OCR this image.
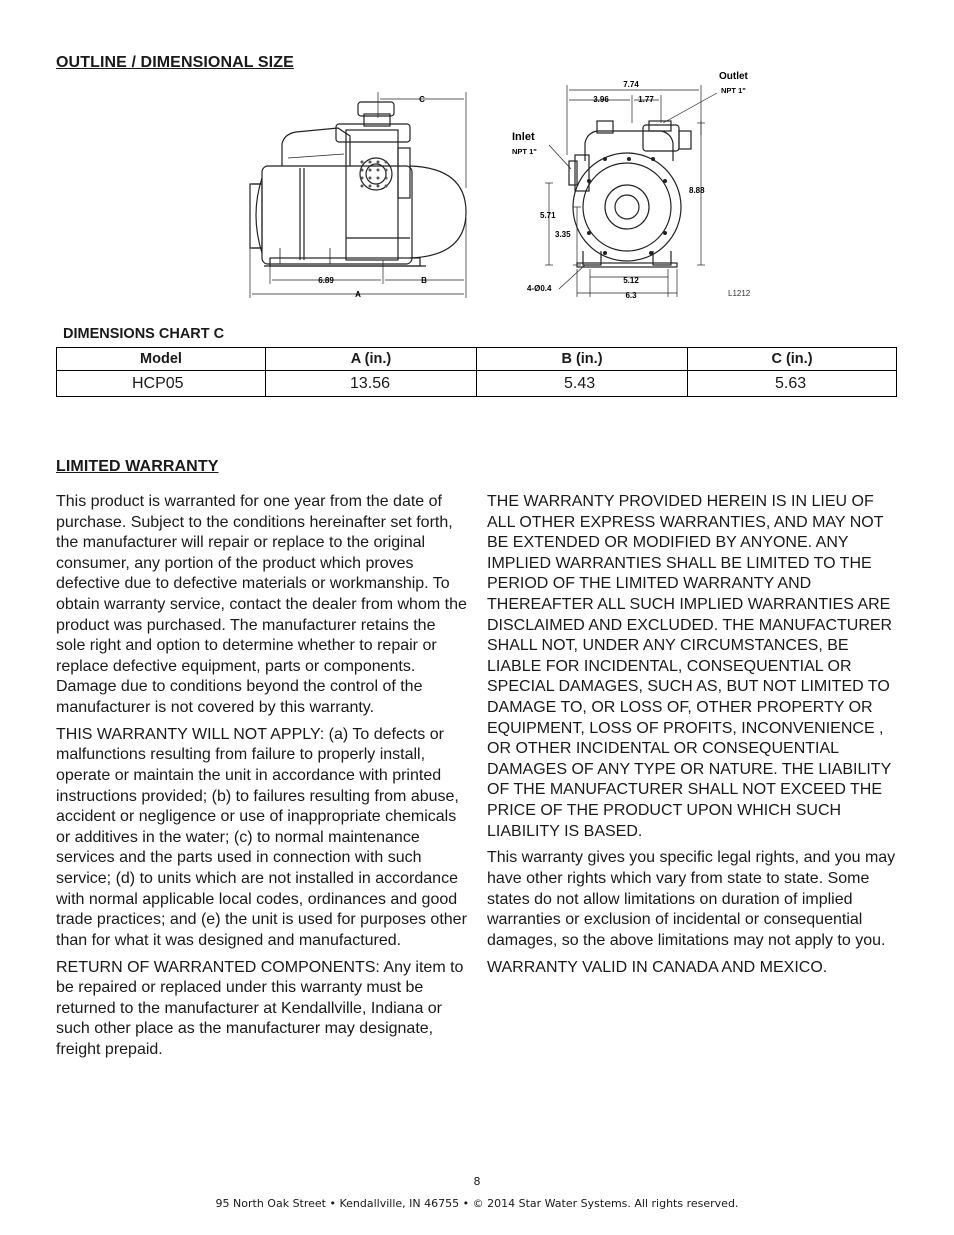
OUTLINE / DIMENSIONAL SIZE
C
6.89	B
A
7.74
3.96	1.77
Outlet
NPT 1"
Inlet
NPT 1"
8.88
5.71
3.35
4-Ø0.4
5.12
6.3	L1212
DIMENSIONS CHART C
Model	A (in.)	B (in.)	C (in.)
HCP05	13.56	5.43	5.63
LIMITED WARRANTY

This product is warranted for one year from the date of purchase. Subject to the conditions hereinafter set forth, the manufacturer will repair or replace to the original consumer, any portion of the product which proves defective due to defective materials or workmanship. To obtain warranty service, contact the dealer from whom the product was purchased. The manufacturer retains the sole right and option to determine whether to repair or replace defective equipment, parts or components. Damage due to conditions beyond the control of the manufacturer is not covered by this warranty.

THIS WARRANTY WILL NOT APPLY: (a) To defects or malfunctions resulting from failure to properly install, operate or maintain the unit in accordance with printed instructions provided; (b) to failures resulting from abuse, accident or negligence or use of inappropriate chemicals or additives in the water; (c) to normal maintenance services and the parts used in connection with such service; (d) to units which are not installed in accordance with normal applicable local codes, ordinances and good trade practices; and (e) the unit is used for purposes other than for what it was designed and manufactured.

RETURN OF WARRANTED COMPONENTS: Any item to be repaired or replaced under this warranty must be returned to the manufacturer at Kendallville, Indiana or such other place as the manufacturer may designate, freight prepaid.

THE WARRANTY PROVIDED HEREIN IS IN LIEU OF ALL OTHER EXPRESS WARRANTIES, AND MAY NOT BE EXTENDED OR MODIFIED BY ANYONE. ANY IMPLIED WARRANTIES SHALL BE LIMITED TO THE PERIOD OF THE LIMITED WARRANTY AND THEREAFTER ALL SUCH IMPLIED WARRANTIES ARE DISCLAIMED AND EXCLUDED. THE MANUFACTURER SHALL NOT, UNDER ANY CIRCUMSTANCES, BE LIABLE FOR INCIDENTAL, CONSEQUENTIAL OR SPECIAL DAMAGES, SUCH AS, BUT NOT LIMITED TO DAMAGE TO, OR LOSS OF, OTHER PROPERTY OR EQUIPMENT, LOSS OF PROFITS, INCONVENIENCE , OR OTHER INCIDENTAL OR CONSEQUENTIAL DAMAGES OF ANY TYPE OR NATURE. THE LIABILITY OF THE MANUFACTURER SHALL NOT EXCEED THE PRICE OF THE PRODUCT UPON WHICH SUCH LIABILITY IS BASED.

This warranty gives you specific legal rights, and you may have other rights which vary from state to state. Some states do not allow limitations on duration of implied warranties or exclusion of incidental or consequential damages, so the above limitations may not apply to you.

WARRANTY VALID IN CANADA AND MEXICO.

8
95 North Oak Street • Kendallville, IN 46755 • © 2014 Star Water Systems. All rights reserved.
